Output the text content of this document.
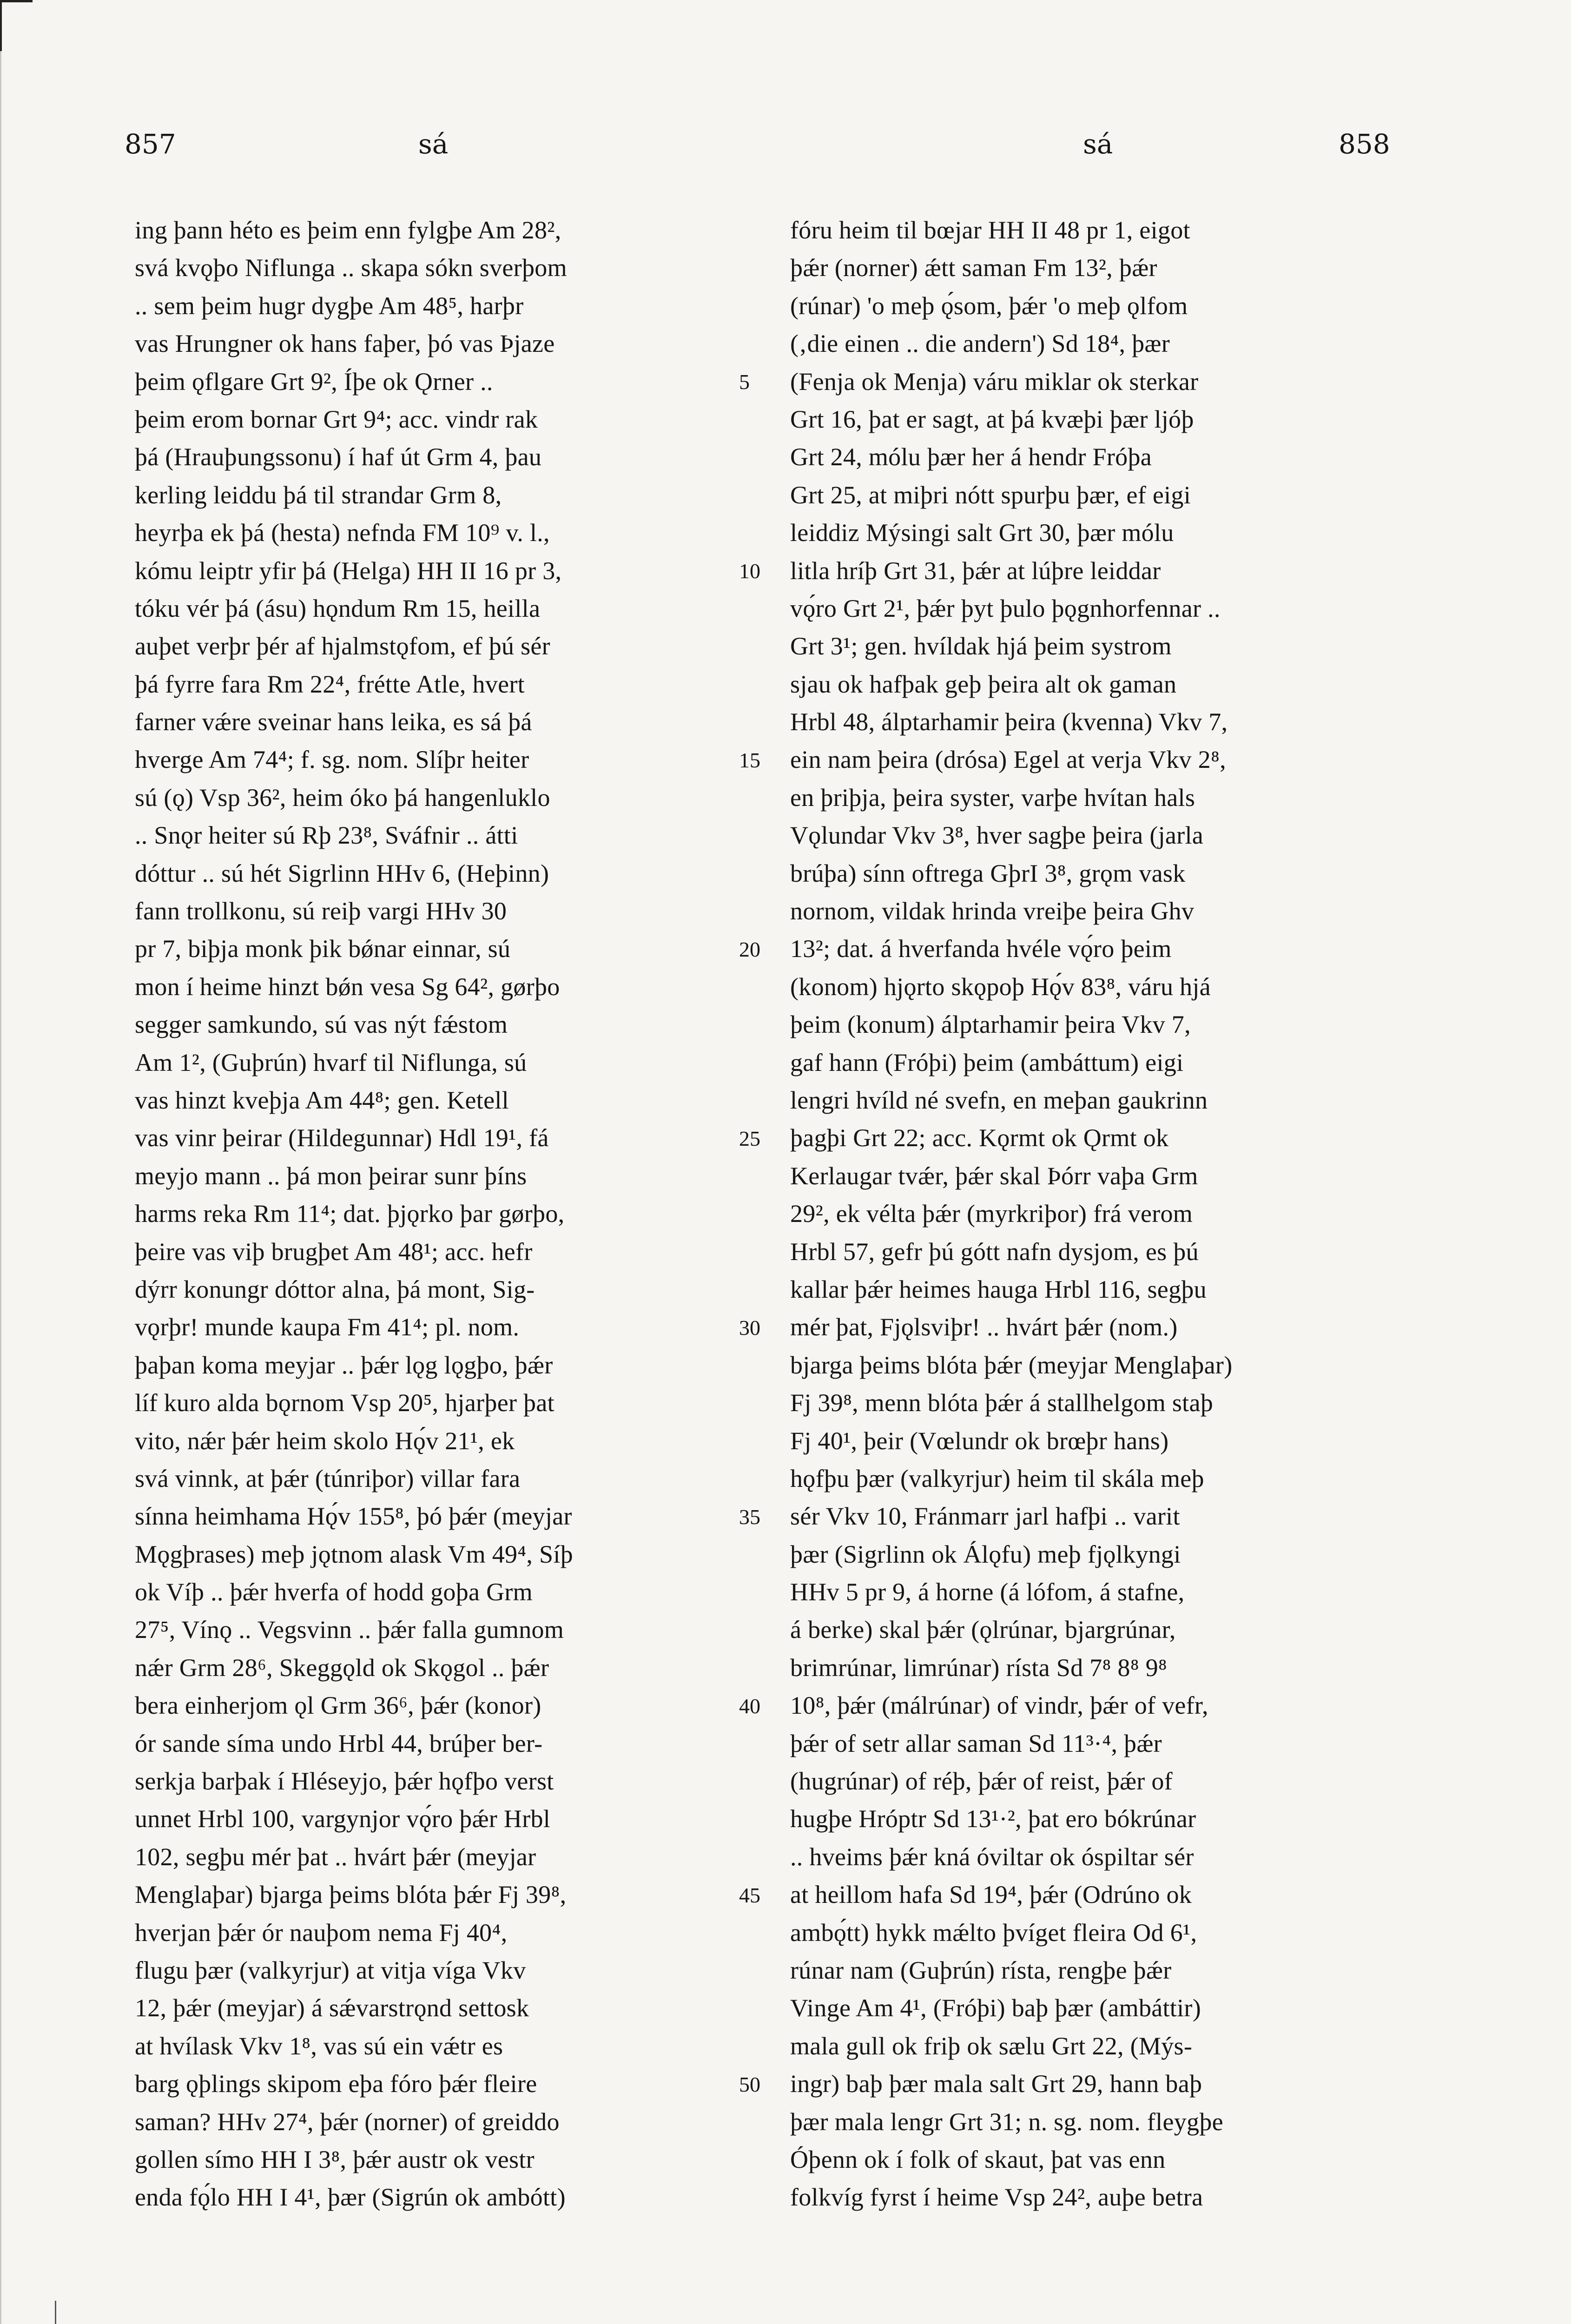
857	sá	sá	858
ing þann héto es þeim enn fylgþe Am 28²,
svá kvǫþo Niflunga .. skapa sókn sverþom
.. sem þeim hugr dygþe Am 48⁵, harþr
vas Hrungner ok hans faþer, þó vas Þjaze
þeim ǫflgare Grt 9², Íþe ok Ǫrner ..
þeim erom bornar Grt 9⁴; acc. vindr rak
þá (Hrauþungssonu) í haf út Grm 4, þau
kerling leiddu þá til strandar Grm 8,
heyrþa ek þá (hesta) nefnda FM 10⁹ v. l.,
kómu leiptr yfir þá (Helga) HH II 16 pr 3,
tóku vér þá (ásu) hǫndum Rm 15, heilla
auþet verþr þér af hjalmstǫfom, ef þú sér
þá fyrre fara Rm 22⁴, frétte Atle, hvert
farner vǽre sveinar hans leika, es sá þá
hverge Am 74⁴; f. sg. nom. Slíþr heiter
sú (ǫ) Vsp 36², heim óko þá hangenluklo
.. Snǫr heiter sú Rþ 23⁸, Sváfnir .. átti
dóttur .. sú hét Sigrlinn HHv 6, (Heþinn)
fann trollkonu, sú reiþ vargi HHv 30
pr 7, biþja monk þik bǿnar einnar, sú
mon í heime hinzt bǿn vesa Sg 64², gørþo
segger samkundo, sú vas nýt fǽstom
Am 1², (Guþrún) hvarf til Niflunga, sú
vas hinzt kveþja Am 44⁸; gen. Ketell
vas vinr þeirar (Hildegunnar) Hdl 19¹, fá
meyjo mann .. þá mon þeirar sunr þíns
harms reka Rm 11⁴; dat. þjǫrko þar gørþo,
þeire vas viþ brugþet Am 48¹; acc. hefr
dýrr konungr dóttor alna, þá mont, Sig-
vǫrþr! munde kaupa Fm 41⁴; pl. nom.
þaþan koma meyjar .. þǽr lǫg lǫgþo, þǽr
líf kuro alda bǫrnom Vsp 20⁵, hjarþer þat
vito, nǽr þǽr heim skolo Hǫ́v 21¹, ek
svá vinnk, at þǽr (túnriþor) villar fara
sínna heimhama Hǫ́v 155⁸, þó þǽr (meyjar
Mǫgþrases) meþ jǫtnom alask Vm 49⁴, Síþ
ok Víþ .. þǽr hverfa of hodd goþa Grm
27⁵, Vínǫ .. Vegsvinn .. þǽr falla gumnom
nǽr Grm 28⁶, Skeggǫld ok Skǫgol .. þǽr
bera einherjom ǫl Grm 36⁶, þǽr (konor)
ór sande síma undo Hrbl 44, brúþer ber-
serkja barþak í Hléseyjo, þǽr hǫfþo verst
unnet Hrbl 100, vargynjor vǫ́ro þǽr Hrbl
102, segþu mér þat .. hvárt þǽr (meyjar
Menglaþar) bjarga þeims blóta þǽr Fj 39⁸,
hverjan þǽr ór nauþom nema Fj 40⁴,
flugu þær (valkyrjur) at vitja víga Vkv
12, þǽr (meyjar) á sǽvarstrǫnd settosk
at hvílask Vkv 1⁸, vas sú ein vǽtr es
barg ǫþlings skipom eþa fóro þǽr fleire
saman? HHv 27⁴, þǽr (norner) of greiddo
gollen símo HH I 3⁸, þǽr austr ok vestr
enda fǫ́lo HH I 4¹, þær (Sigrún ok ambótt)
5
10
15
20
25
30
35
40
45
50
fóru heim til bœjar HH II 48 pr 1, eigot
þǽr (norner) ǽtt saman Fm 13², þǽr
(rúnar) 'o meþ ǫ́som, þǽr 'o meþ ǫlfom
(‚die einen .. die andern') Sd 18⁴, þær
(Fenja ok Menja) váru miklar ok sterkar
Grt 16, þat er sagt, at þá kvæþi þær ljóþ
Grt 24, mólu þær her á hendr Fróþa
Grt 25, at miþri nótt spurþu þær, ef eigi
leiddiz Mýsingi salt Grt 30, þær mólu
litla hríþ Grt 31, þǽr at lúþre leiddar
vǫ́ro Grt 2¹, þǽr þyt þulo þǫgnhorfennar ..
Grt 3¹; gen. hvíldak hjá þeim systrom
sjau ok hafþak geþ þeira alt ok gaman
Hrbl 48, álptarhamir þeira (kvenna) Vkv 7,
ein nam þeira (drósa) Egel at verja Vkv 2⁸,
en þriþja, þeira syster, varþe hvítan hals
Vǫlundar Vkv 3⁸, hver sagþe þeira (jarla
brúþa) sínn oftrega GþrI 3⁸, grǫm vask
nornom, vildak hrinda vreiþe þeira Ghv
13²; dat. á hverfanda hvéle vǫ́ro þeim
(konom) hjǫrto skǫpoþ Hǫ́v 83⁸, váru hjá
þeim (konum) álptarhamir þeira Vkv 7,
gaf hann (Fróþi) þeim (ambáttum) eigi
lengri hvíld né svefn, en meþan gaukrinn
þagþi Grt 22; acc. Kǫrmt ok Ǫrmt ok
Kerlaugar tvǽr, þǽr skal Þórr vaþa Grm
29², ek vélta þǽr (myrkriþor) frá verom
Hrbl 57, gefr þú gótt nafn dysjom, es þú
kallar þǽr heimes hauga Hrbl 116, segþu
mér þat, Fjǫlsviþr! .. hvárt þǽr (nom.)
bjarga þeims blóta þǽr (meyjar Menglaþar)
Fj 39⁸, menn blóta þǽr á stallhelgom staþ
Fj 40¹, þeir (Vœlundr ok brœþr hans)
hǫfþu þær (valkyrjur) heim til skála meþ
sér Vkv 10, Fránmarr jarl hafþi .. varit
þær (Sigrlinn ok Álǫfu) meþ fjǫlkyngi
HHv 5 pr 9, á horne (á lófom, á stafne,
á berke) skal þǽr (ǫlrúnar, bjargrúnar,
brimrúnar, limrúnar) rísta Sd 7⁸ 8⁸ 9⁸
10⁸, þǽr (málrúnar) of vindr, þǽr of vefr,
þǽr of setr allar saman Sd 11³·⁴, þǽr
(hugrúnar) of réþ, þǽr of reist, þǽr of
hugþe Hróptr Sd 13¹·², þat ero bókrúnar
.. hveims þǽr kná óviltar ok óspiltar sér
at heillom hafa Sd 19⁴, þǽr (Odrúno ok
ambǫ́tt) hykk mǽlto þvíget fleira Od 6¹,
rúnar nam (Guþrún) rísta, rengþe þǽr
Vinge Am 4¹, (Fróþi) baþ þær (ambáttir)
mala gull ok friþ ok sælu Grt 22, (Mýs-
ingr) baþ þær mala salt Grt 29, hann baþ
þær mala lengr Grt 31; n. sg. nom. fleygþe
Óþenn ok í folk of skaut, þat vas enn
folkvíg fyrst í heime Vsp 24², auþe betra
